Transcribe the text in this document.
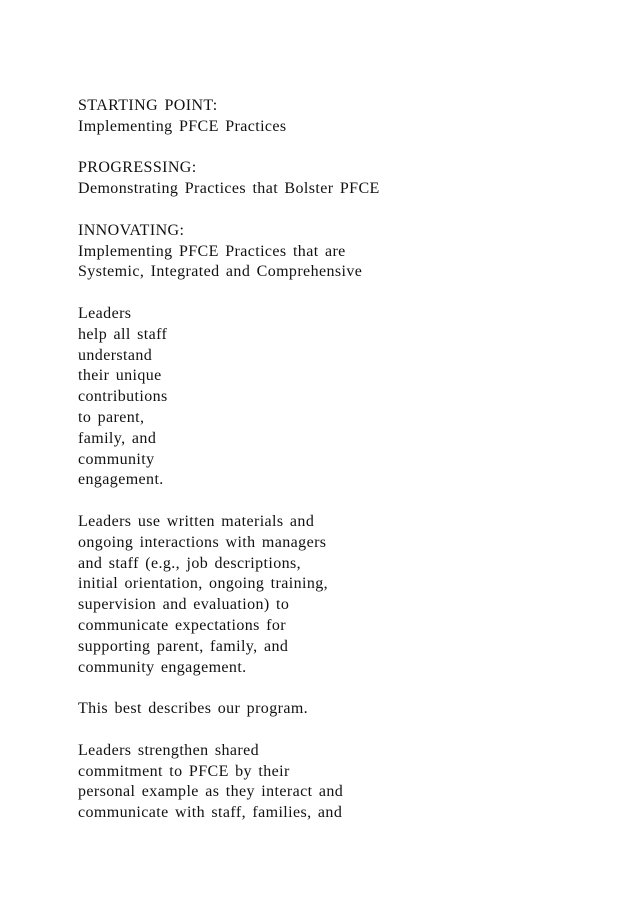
STARTING POINT:
Implementing PFCE Practices
PROGRESSING:
Demonstrating Practices that Bolster PFCE
INNOVATING:
Implementing PFCE Practices that are
Systemic, Integrated and Comprehensive
Leaders
help all staff
understand
their unique
contributions
to parent,
family, and
community
engagement.
Leaders use written materials and
ongoing interactions with managers
and staff (e.g., job descriptions,
initial orientation, ongoing training,
supervision and evaluation) to
communicate expectations for
supporting parent, family, and
community engagement.
This best describes our program.
Leaders strengthen shared
commitment to PFCE by their
personal example as they interact and
communicate with staff, families, and
